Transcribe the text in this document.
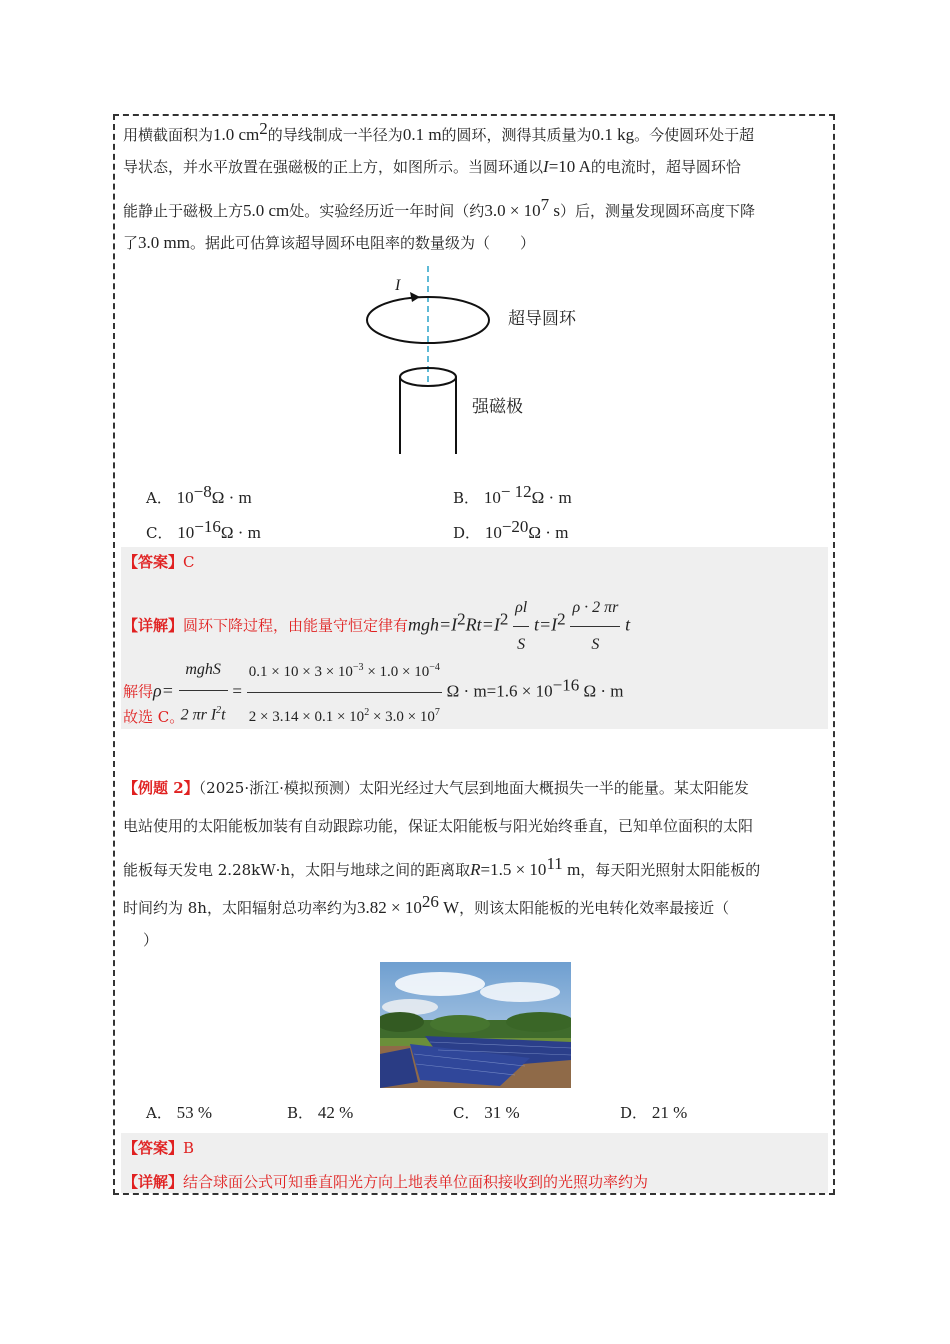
用横截面积为1.0 $cm^2$的导线制成一半径为0.1 m的圆环，测得其质量为0.1 kg。今使圆环处于超
导状态，并水平放置在强磁极的正上方，如图所示。当圆环通以I=10 A的电流时，超导圆环恰
能静止于磁极上方5.0 cm处。实验经历近一年时间（约$3.0 \times 10^7$ s）后，测量发现圆环高度下降
了3.0 mm。据此可估算该超导圆环电阻率的数量级为（　　）
I
超导圆环
强磁极
A． $10^{-8}\Omega \cdot m$	B． $10^{- 12}\Omega \cdot m$
C． $10^{-16}\Omega \cdot m$	D． $10^{-20}\Omega \cdot m$
【答案】C
【详解】圆环下降过程，由能量守恒定律有$mgh=I^2Rt=I^2 \frac{\rho l}{S} t=I^2 \frac{\rho \cdot 2 \pi r}{S}$ t
解得$\rho= \frac{\text{mghS}}{2 \pi r I^2t} = \frac{0.1 \times 10 \times 3 \times 10^{-3} \times 1.0 \times 10^{-4}}{2 \times 3.14 \times 0.1 \times 10^2 \times 3.0 \times 10^7}$ $\Omega \cdot m=1.6 \times 10^{-16}$ Ω · m
故选 C。
【例题 2】（2025·浙江·模拟预测）太阳光经过大气层到地面大概损失一半的能量。某太阳能发
电站使用的太阳能板加装有自动跟踪功能，保证太阳能板与阳光始终垂直，已知单位面积的太阳
能板每天发电 2.28kW·h，太阳与地球之间的距离取$R=1.5 \times 10^{11}$ m，每天阳光照射太阳能板的
时间约为 8h，太阳辐射总功率约为$3.82 \times 10^{26}$ W，则该太阳能板的光电转化效率最接近（
）
A． 53 %	B． 42 %	C． 31 %	D． 21 %
【答案】B
【详解】结合球面公式可知垂直阳光方向上地表单位面积接收到的光照功率约为
